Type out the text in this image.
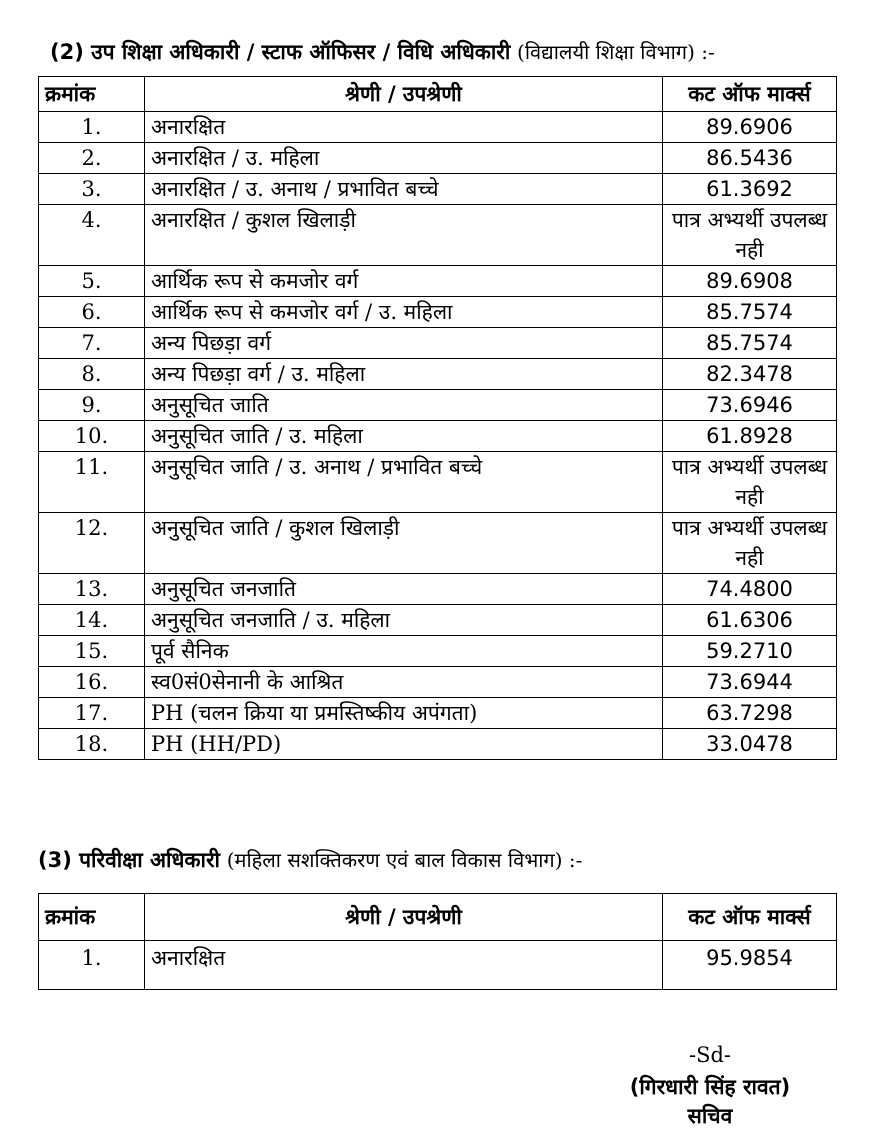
(2) उप शिक्षा अधिकारी / स्टाफ ऑफिसर / विधि अधिकारी (विद्यालयी शिक्षा विभाग) :-
क्रमांक	श्रेणी / उपश्रेणी	कट ऑफ मार्क्स
1.	अनारक्षित	89.6906
2.	अनारक्षित / उ. महिला	86.5436
3.	अनारक्षित / उ. अनाथ / प्रभावित बच्चे	61.3692
4.	अनारक्षित / कुशल खिलाड़ी	पात्र अभ्यर्थी उपलब्ध नही
5.	आर्थिक रूप से कमजोर वर्ग	89.6908
6.	आर्थिक रूप से कमजोर वर्ग / उ. महिला	85.7574
7.	अन्य पिछड़ा वर्ग	85.7574
8.	अन्य पिछड़ा वर्ग / उ. महिला	82.3478
9.	अनुसूचित जाति	73.6946
10.	अनुसूचित जाति / उ. महिला	61.8928
11.	अनुसूचित जाति / उ. अनाथ / प्रभावित बच्चे	पात्र अभ्यर्थी उपलब्ध नही
12.	अनुसूचित जाति / कुशल खिलाड़ी	पात्र अभ्यर्थी उपलब्ध नही
13.	अनुसूचित जनजाति	74.4800
14.	अनुसूचित जनजाति / उ. महिला	61.6306
15.	पूर्व सैनिक	59.2710
16.	स्व0सं0सेनानी के आश्रित	73.6944
17.	PH (चलन क्रिया या प्रमस्तिष्कीय अपंगता)	63.7298
18.	PH (HH/PD)	33.0478
(3) परिवीक्षा अधिकारी (महिला सशक्तिकरण एवं बाल विकास विभाग) :-
क्रमांक	श्रेणी / उपश्रेणी	कट ऑफ मार्क्स
1.	अनारक्षित	95.9854
-Sd-
(गिरधारी सिंह रावत)
सचिव
